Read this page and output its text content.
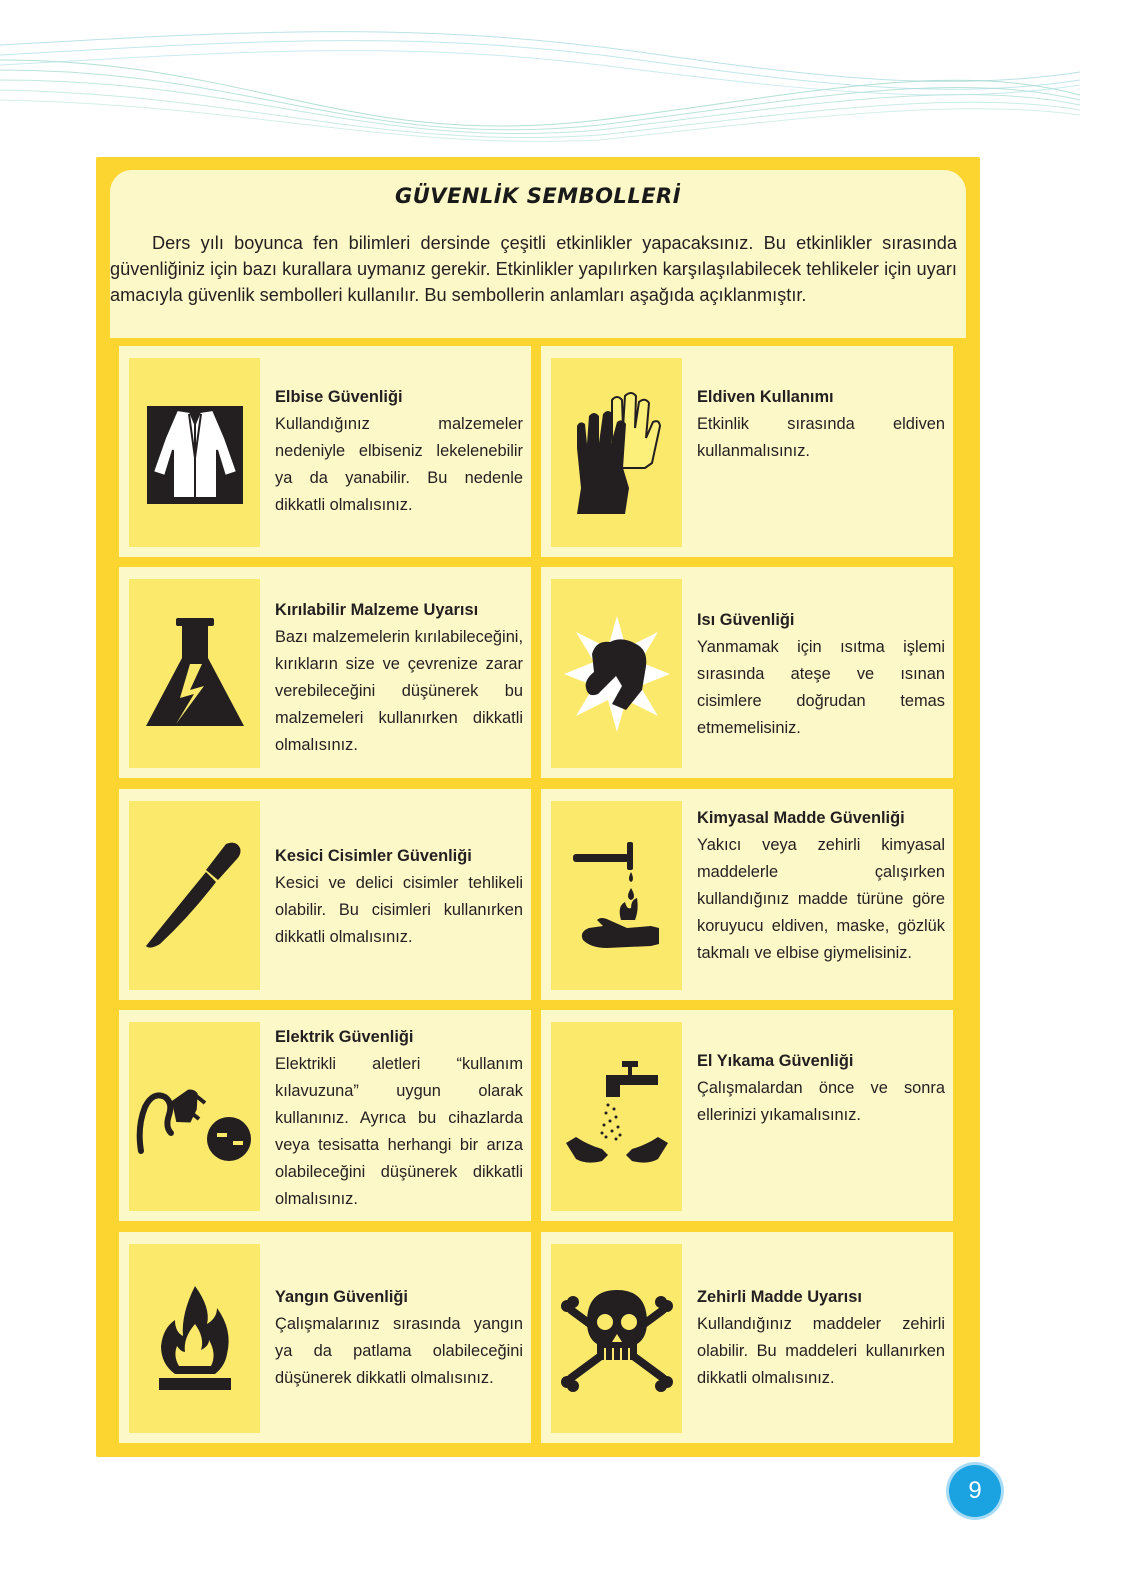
GÜVENLİK SEMBOLLERİ
Ders yılı boyunca fen bilimleri dersinde çeşitli etkinlikler yapacaksınız. Bu etkinlikler sırasında güvenliğiniz için bazı kurallara uymanız gerekir. Etkinlikler yapılırken karşılaşılabilecek tehlikeler için uyarı amacıyla güvenlik sembolleri kullanılır. Bu sembollerin anlamları aşağıda açıklanmıştır.
Elbise Güvenliği
Kullandığınız malzemeler nedeniyle elbiseniz lekelenebilir ya da yanabilir. Bu nedenle dikkatli olmalısınız.
Eldiven Kullanımı
Etkinlik sırasında eldiven kullanmalısınız.
Kırılabilir Malzeme Uyarısı
Bazı malzemelerin kırılabileceğini, kırıkların size ve çevrenize zarar verebileceğini düşünerek bu malzemeleri kullanırken dikkatli olmalısınız.
Isı Güvenliği
Yanmamak için ısıtma işlemi sırasında ateşe ve ısınan cisimlere doğrudan temas etmemelisiniz.
Kesici Cisimler Güvenliği
Kesici ve delici cisimler tehlikeli olabilir. Bu cisimleri kullanırken dikkatli olmalısınız.
Kimyasal Madde Güvenliği
Yakıcı veya zehirli kimyasal maddelerle çalışırken kullandığınız madde türüne göre koruyucu eldiven, maske, gözlük takmalı ve elbise giymelisiniz.
Elektrik Güvenliği
Elektrikli aletleri “kullanım kılavuzuna” uygun olarak kullanınız. Ayrıca bu cihazlarda veya tesisatta herhangi bir arıza olabileceğini düşünerek dikkatli olmalısınız.
El Yıkama Güvenliği
Çalışmalardan önce ve sonra ellerinizi yıkamalısınız.
Yangın Güvenliği
Çalışmalarınız sırasında yangın ya da patlama olabileceğini düşünerek dikkatli olmalısınız.
Zehirli Madde Uyarısı
Kullandığınız maddeler zehirli olabilir. Bu maddeleri kullanırken dikkatli olmalısınız.
9
